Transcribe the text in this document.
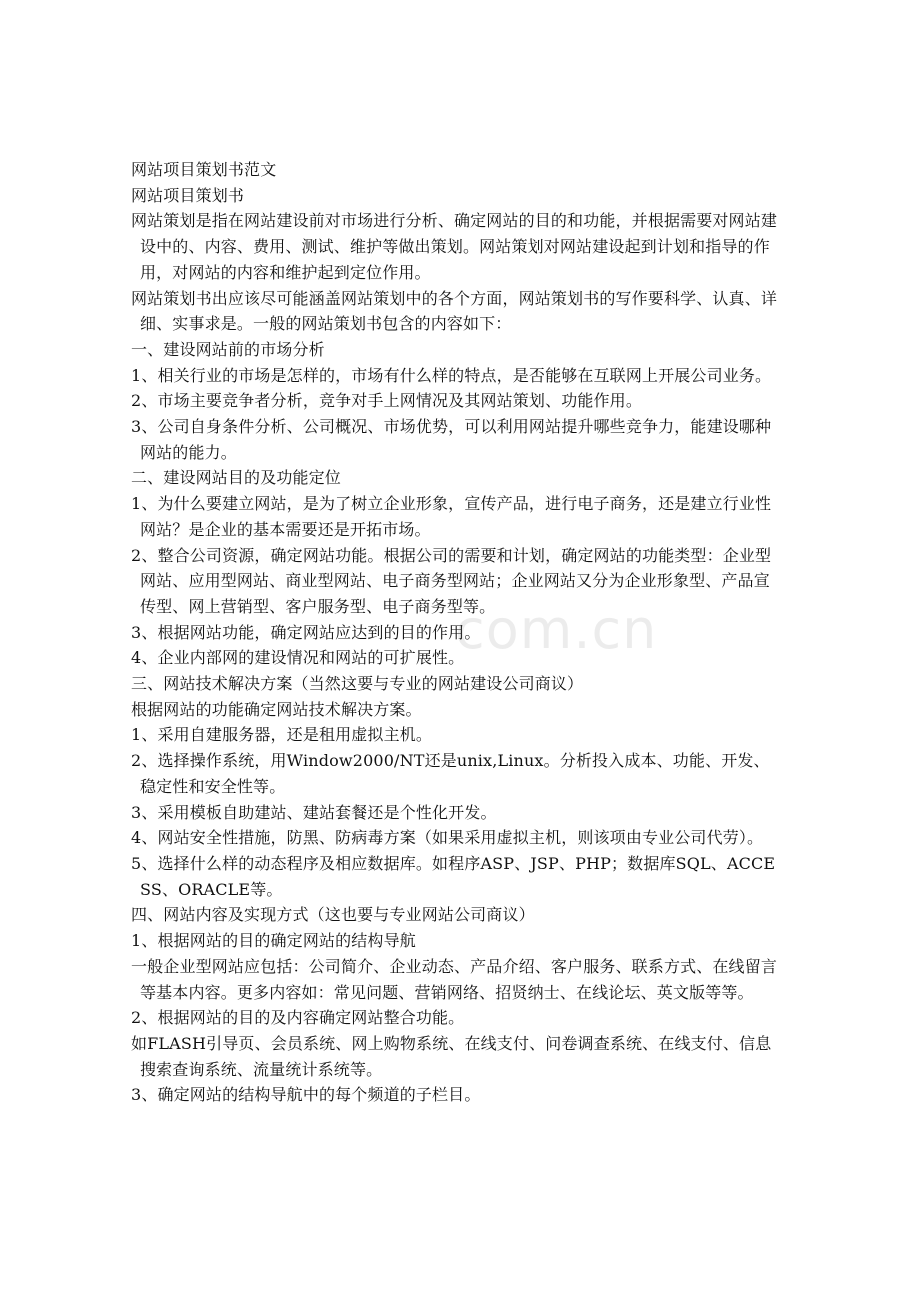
网站项目策划书范文

网站项目策划书

网站策划是指在网站建设前对市场进行分析、确定网站的目的和功能，并根据需要对网站建设中的、内容、费用、测试、维护等做出策划。网站策划对网站建设起到计划和指导的作用，对网站的内容和维护起到定位作用。

网站策划书出应该尽可能涵盖网站策划中的各个方面，网站策划书的写作要科学、认真、详细、实事求是。一般的网站策划书包含的内容如下：

一、建设网站前的市场分析

1、相关行业的市场是怎样的，市场有什么样的特点，是否能够在互联网上开展公司业务。

2、市场主要竞争者分析，竞争对手上网情况及其网站策划、功能作用。

3、公司自身条件分析、公司概况、市场优势，可以利用网站提升哪些竞争力，能建设哪种网站的能力。

二、建设网站目的及功能定位

1、为什么要建立网站，是为了树立企业形象，宣传产品，进行电子商务，还是建立行业性网站？是企业的基本需要还是开拓市场。

2、整合公司资源，确定网站功能。根据公司的需要和计划，确定网站的功能类型：企业型网站、应用型网站、商业型网站、电子商务型网站；企业网站又分为企业形象型、产品宣传型、网上营销型、客户服务型、电子商务型等。

3、根据网站功能，确定网站应达到的目的作用。

4、企业内部网的建设情况和网站的可扩展性。

三、网站技术解决方案（当然这要与专业的网站建设公司商议）

根据网站的功能确定网站技术解决方案。

1、采用自建服务器，还是租用虚拟主机。

2、选择操作系统，用Window2000/NT还是unix,Linux。分析投入成本、功能、开发、稳定性和安全性等。

3、采用模板自助建站、建站套餐还是个性化开发。

4、网站安全性措施，防黑、防病毒方案（如果采用虚拟主机，则该项由专业公司代劳）。

5、选择什么样的动态程序及相应数据库。如程序ASP、JSP、PHP；数据库SQL、ACCESS、ORACLE等。

四、网站内容及实现方式（这也要与专业网站公司商议）

1、根据网站的目的确定网站的结构导航

一般企业型网站应包括：公司简介、企业动态、产品介绍、客户服务、联系方式、在线留言等基本内容。更多内容如：常见问题、营销网络、招贤纳士、在线论坛、英文版等等。

2、根据网站的目的及内容确定网站整合功能。

如FLASH引导页、会员系统、网上购物系统、在线支付、问卷调查系统、在线支付、信息搜索查询系统、流量统计系统等。

3、确定网站的结构导航中的每个频道的子栏目。

com.cn
